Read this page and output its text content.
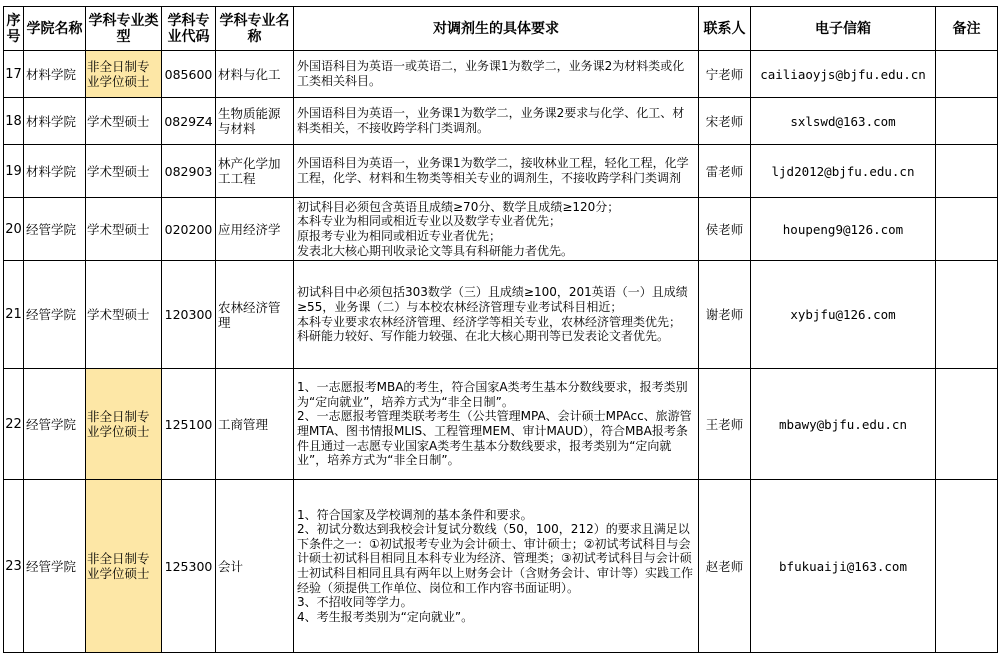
序号	学院名称	学科专业类型	学科专业代码	学科专业名称	对调剂生的具体要求	联系人	电子信箱	备注
17	材料学院	非全日制专业学位硕士	085600	材料与化工	外国语科目为英语一或英语二，业务课1为数学二，业务课2为材料类或化工类相关科目。	宁老师	cailiaoyjs@bjfu.edu.cn	
18	材料学院	学术型硕士	0829Z4	生物质能源与材料	外国语科目为英语一，业务课1为数学二，业务课2要求与化学、化工、材料类相关，不接收跨学科门类调剂。	宋老师	sxlswd@163.com	
19	材料学院	学术型硕士	082903	林产化学加工工程	外国语科目为英语一，业务课1为数学二，接收林业工程，轻化工程，化学工程，化学、材料和生物类等相关专业的调剂生，不接收跨学科门类调剂	雷老师	ljd2012@bjfu.edu.cn	
20	经管学院	学术型硕士	020200	应用经济学	初试科目必须包含英语且成绩≥70分、数学且成绩≥120分；
本科专业为相同或相近专业以及数学专业者优先；
原报考专业为相同或相近专业者优先；
发表北大核心期刊收录论文等具有科研能力者优先。	侯老师	houpeng9@126.com	
21	经管学院	学术型硕士	120300	农林经济管理	初试科目中必须包括303数学（三）且成绩≥100，201英语（一）且成绩≥55，业务课（二）与本校农林经济管理专业考试科目相近；
本科专业要求农林经济管理、经济学等相关专业，农林经济管理类优先；
科研能力较好、写作能力较强、在北大核心期刊等已发表论文者优先。	谢老师	xybjfu@126.com	
22	经管学院	非全日制专业学位硕士	125100	工商管理	1、一志愿报考MBA的考生，符合国家A类考生基本分数线要求，报考类别为“定向就业”，培养方式为“非全日制”。
2、一志愿报考管理类联考考生（公共管理MPA、会计硕士MPAcc、旅游管理MTA、图书情报MLIS、工程管理MEM、审计MAUD），符合MBA报考条件且通过一志愿专业国家A类考生基本分数线要求，报考类别为“定向就业”，培养方式为“非全日制”。	王老师	mbawy@bjfu.edu.cn	
23	经管学院	非全日制专业学位硕士	125300	会计	1、符合国家及学校调剂的基本条件和要求。
2、初试分数达到我校会计复试分数线（50，100，212）的要求且满足以下条件之一：①初试报考专业为会计硕士、审计硕士；②初试考试科目与会计硕士初试科目相同且本科专业为经济、管理类；③初试考试科目与会计硕士初试科目相同且具有两年以上财务会计（含财务会计、审计等）实践工作经验（须提供工作单位、岗位和工作内容书面证明）。
3、不招收同等学力。
4、考生报考类别为“定向就业”。	赵老师	bfukuaiji@163.com	
